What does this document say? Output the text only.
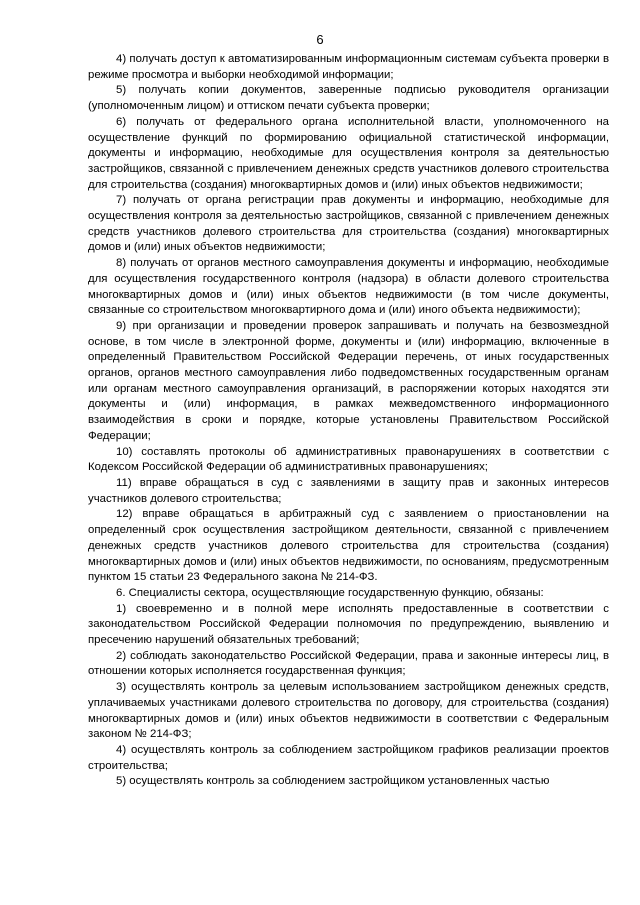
6

4) получать доступ к автоматизированным информационным системам субъекта проверки в режиме просмотра и выборки необходимой информации;

5) получать копии документов, заверенные подписью руководителя организации (уполномоченным лицом) и оттиском печати субъекта проверки;

6) получать от федерального органа исполнительной власти, уполномоченного на осуществление функций по формированию официальной статистической информации, документы и информацию, необходимые для осуществления контроля за деятельностью застройщиков, связанной с привлечением денежных средств участников долевого строительства для строительства (создания) многоквартирных домов и (или) иных объектов недвижимости;

7) получать от органа регистрации прав документы и информацию, необходимые для осуществления контроля за деятельностью застройщиков, связанной с привлечением денежных средств участников долевого строительства для строительства (создания) многоквартирных домов и (или) иных объектов недвижимости;

8) получать от органов местного самоуправления документы и информацию, необходимые для осуществления государственного контроля (надзора) в области долевого строительства многоквартирных домов и (или) иных объектов недвижимости (в том числе документы, связанные со строительством многоквартирного дома и (или) иного объекта недвижимости);

9) при организации и проведении проверок запрашивать и получать на безвозмездной основе, в том числе в электронной форме, документы и (или) информацию, включенные в определенный Правительством Российской Федерации перечень, от иных государственных органов, органов местного самоуправления либо подведомственных государственным органам или органам местного самоуправления организаций, в распоряжении которых находятся эти документы и (или) информация, в рамках межведомственного информационного взаимодействия в сроки и порядке, которые установлены Правительством Российской Федерации;

10) составлять протоколы об административных правонарушениях в соответствии с Кодексом Российской Федерации об административных правонарушениях;

11) вправе обращаться в суд с заявлениями в защиту прав и законных интересов участников долевого строительства;

12) вправе обращаться в арбитражный суд с заявлением о приостановлении на определенный срок осуществления застройщиком деятельности, связанной с привлечением денежных средств участников долевого строительства для строительства (создания) многоквартирных домов и (или) иных объектов недвижимости, по основаниям, предусмотренным пунктом 15 статьи 23 Федерального закона № 214-ФЗ.

6. Специалисты сектора, осуществляющие государственную функцию, обязаны:

1) своевременно и в полной мере исполнять предоставленные в соответствии с законодательством Российской Федерации полномочия по предупреждению, выявлению и пресечению нарушений обязательных требований;

2) соблюдать законодательство Российской Федерации, права и законные интересы лиц, в отношении которых исполняется государственная функция;

3) осуществлять контроль за целевым использованием застройщиком денежных средств, уплачиваемых участниками долевого строительства по договору, для строительства (создания) многоквартирных домов и (или) иных объектов недвижимости в соответствии с Федеральным законом № 214-ФЗ;

4) осуществлять контроль за соблюдением застройщиком графиков реализации проектов строительства;

5) осуществлять контроль за соблюдением застройщиком установленных частью
